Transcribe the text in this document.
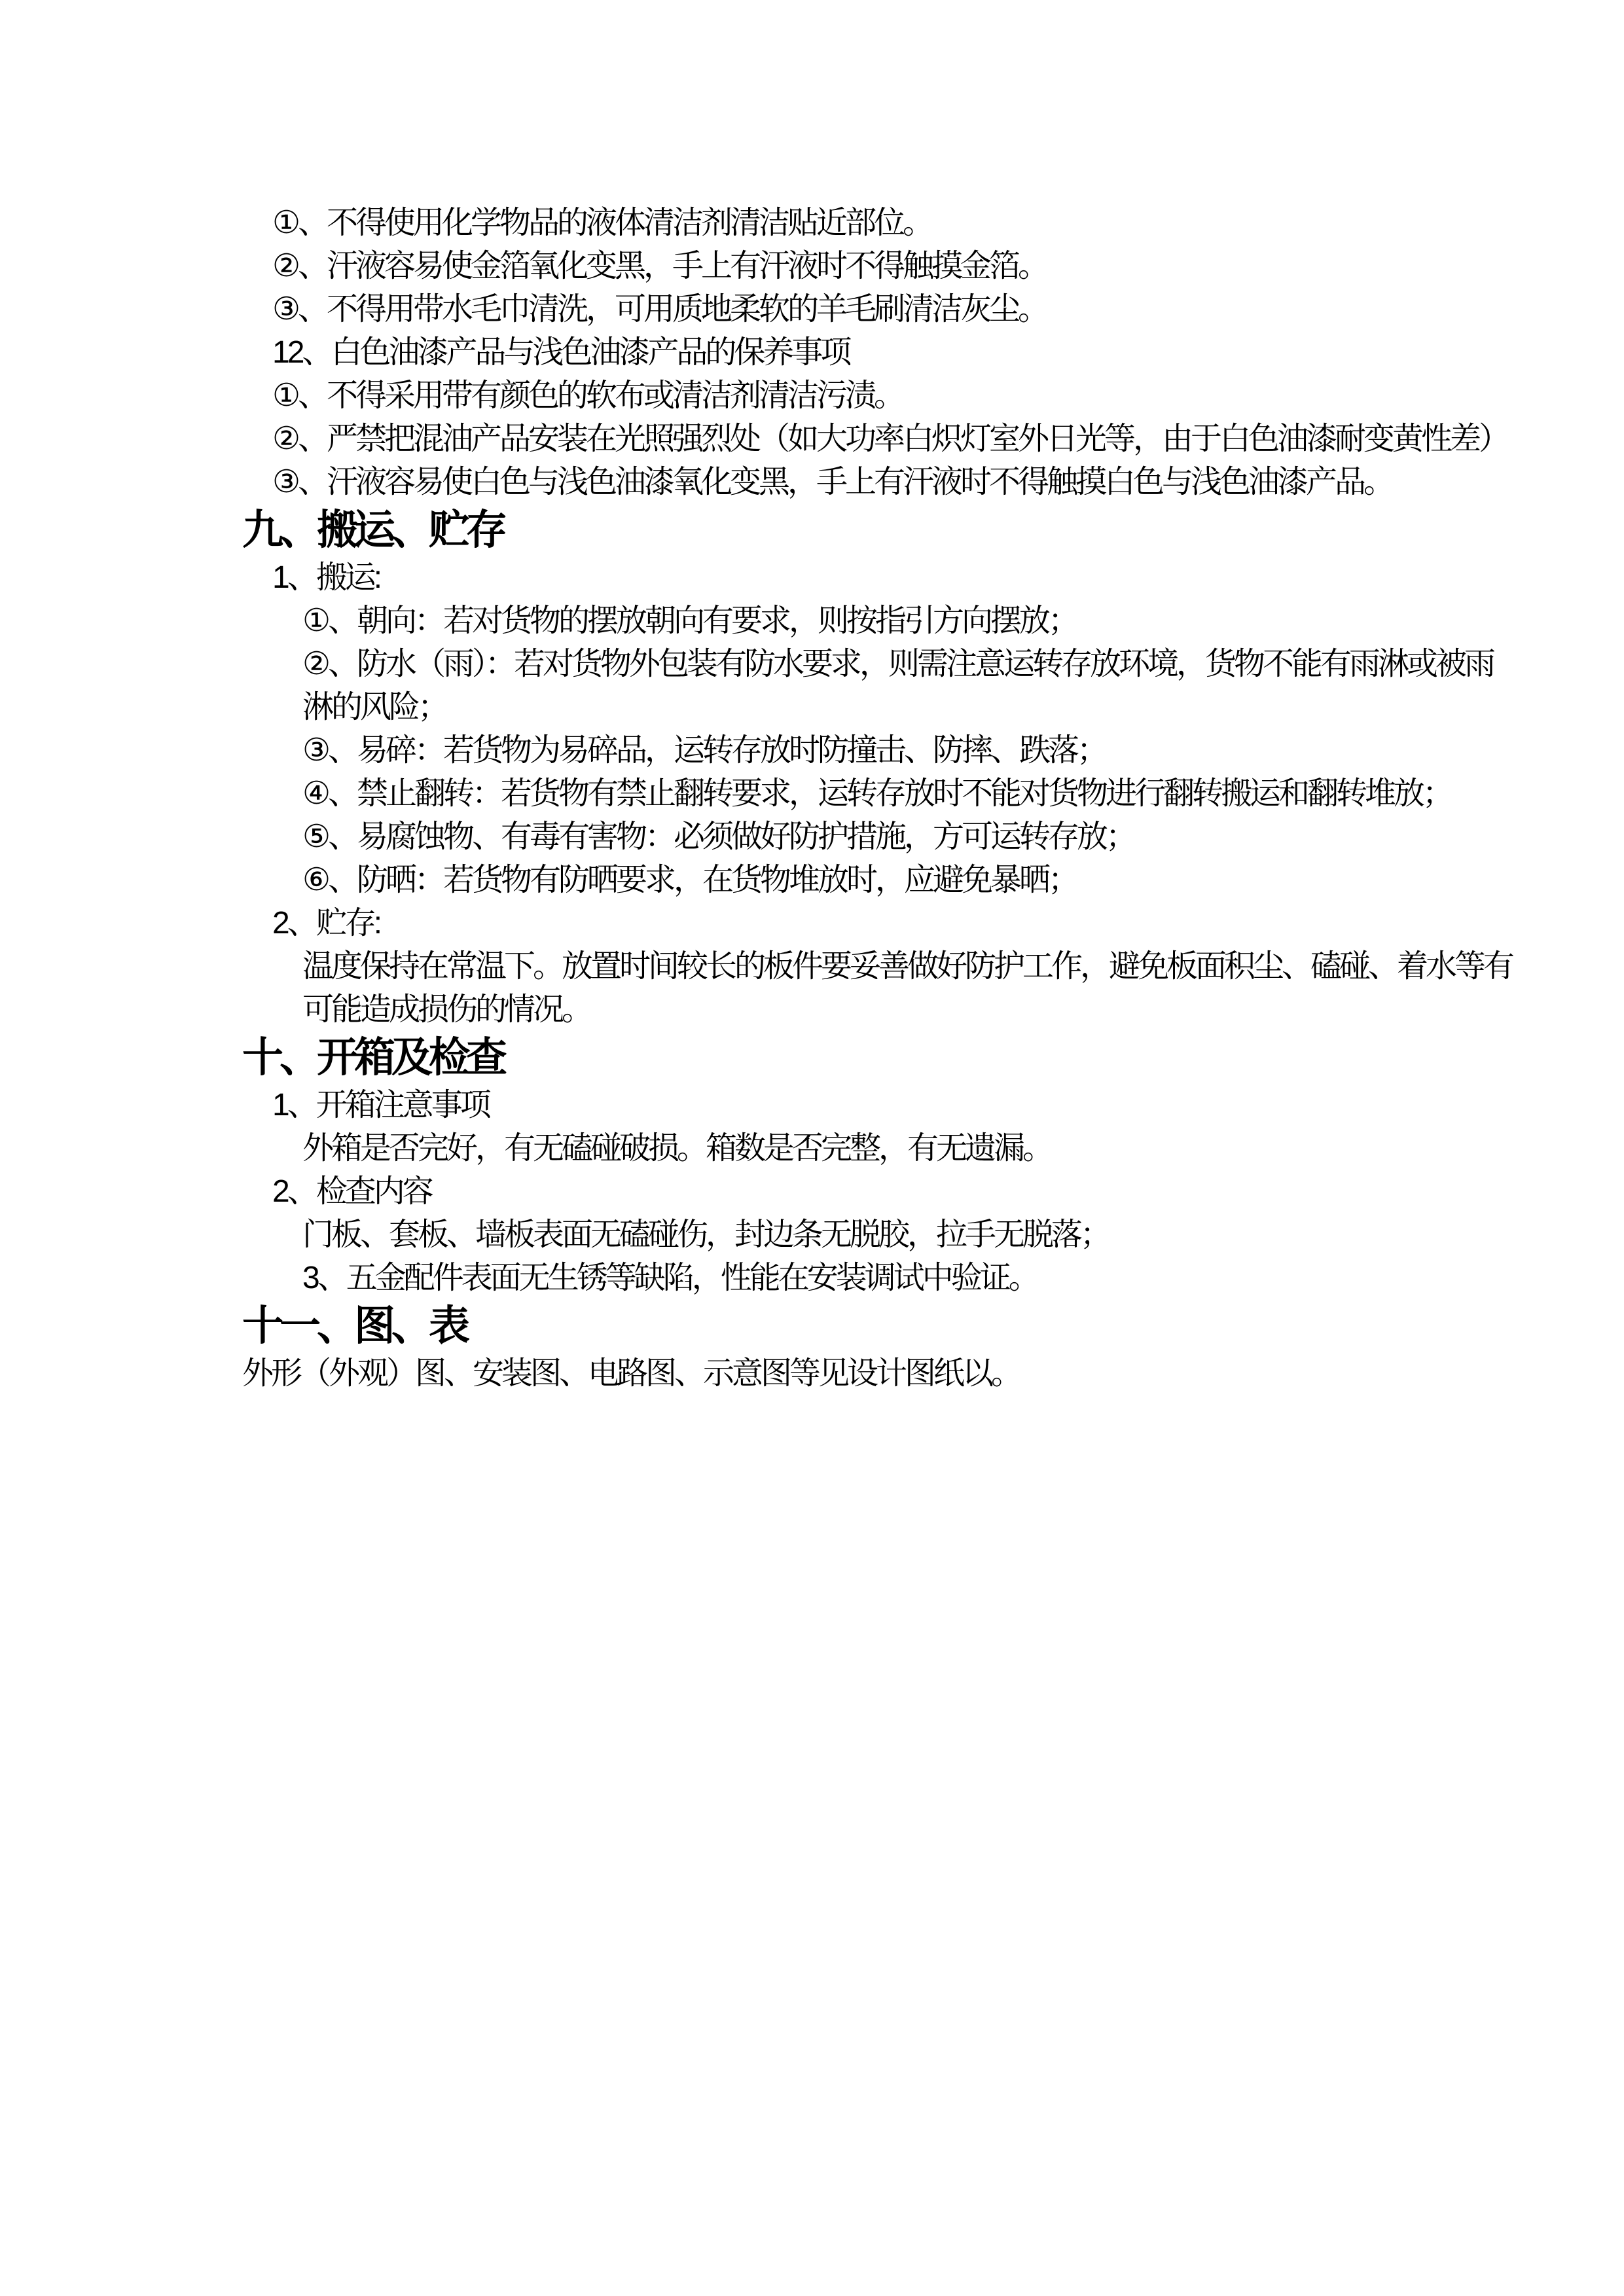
①、不得使用化学物品的液体清洁剂清洁贴近部位。

②、汗液容易使金箔氧化变黑，手上有汗液时不得触摸金箔。

③、不得用带水毛巾清洗，可用质地柔软的羊毛刷清洁灰尘。

12、白色油漆产品与浅色油漆产品的保养事项

①、不得采用带有颜色的软布或清洁剂清洁污渍。

②、严禁把混油产品安装在光照强烈处（如大功率白炽灯室外日光等，由于白色油漆耐变黄性差）

③、汗液容易使白色与浅色油漆氧化变黑，手上有汗液时不得触摸白色与浅色油漆产品。

九、搬运、贮存

1、搬运:

①、朝向：若对货物的摆放朝向有要求，则按指引方向摆放；

②、防水（雨）：若对货物外包装有防水要求，则需注意运转存放环境，货物不能有雨淋或被雨

淋的风险；

③、易碎：若货物为易碎品，运转存放时防撞击、防摔、跌落；

④、禁止翻转：若货物有禁止翻转要求，运转存放时不能对货物进行翻转搬运和翻转堆放；

⑤、易腐蚀物、有毒有害物：必须做好防护措施，方可运转存放；

⑥、防晒：若货物有防晒要求，在货物堆放时，应避免暴晒；

2、贮存:

温度保持在常温下。放置时间较长的板件要妥善做好防护工作，避免板面积尘、磕碰、着水等有

可能造成损伤的情况。

十、开箱及检查

1、开箱注意事项

外箱是否完好，有无磕碰破损。箱数是否完整，有无遗漏。

2、检查内容

门板、套板、墙板表面无磕碰伤，封边条无脱胶，拉手无脱落；

3、五金配件表面无生锈等缺陷，性能在安装调试中验证。

十一、图、表

外形（外观）图、安装图、电路图、示意图等见设计图纸以。
